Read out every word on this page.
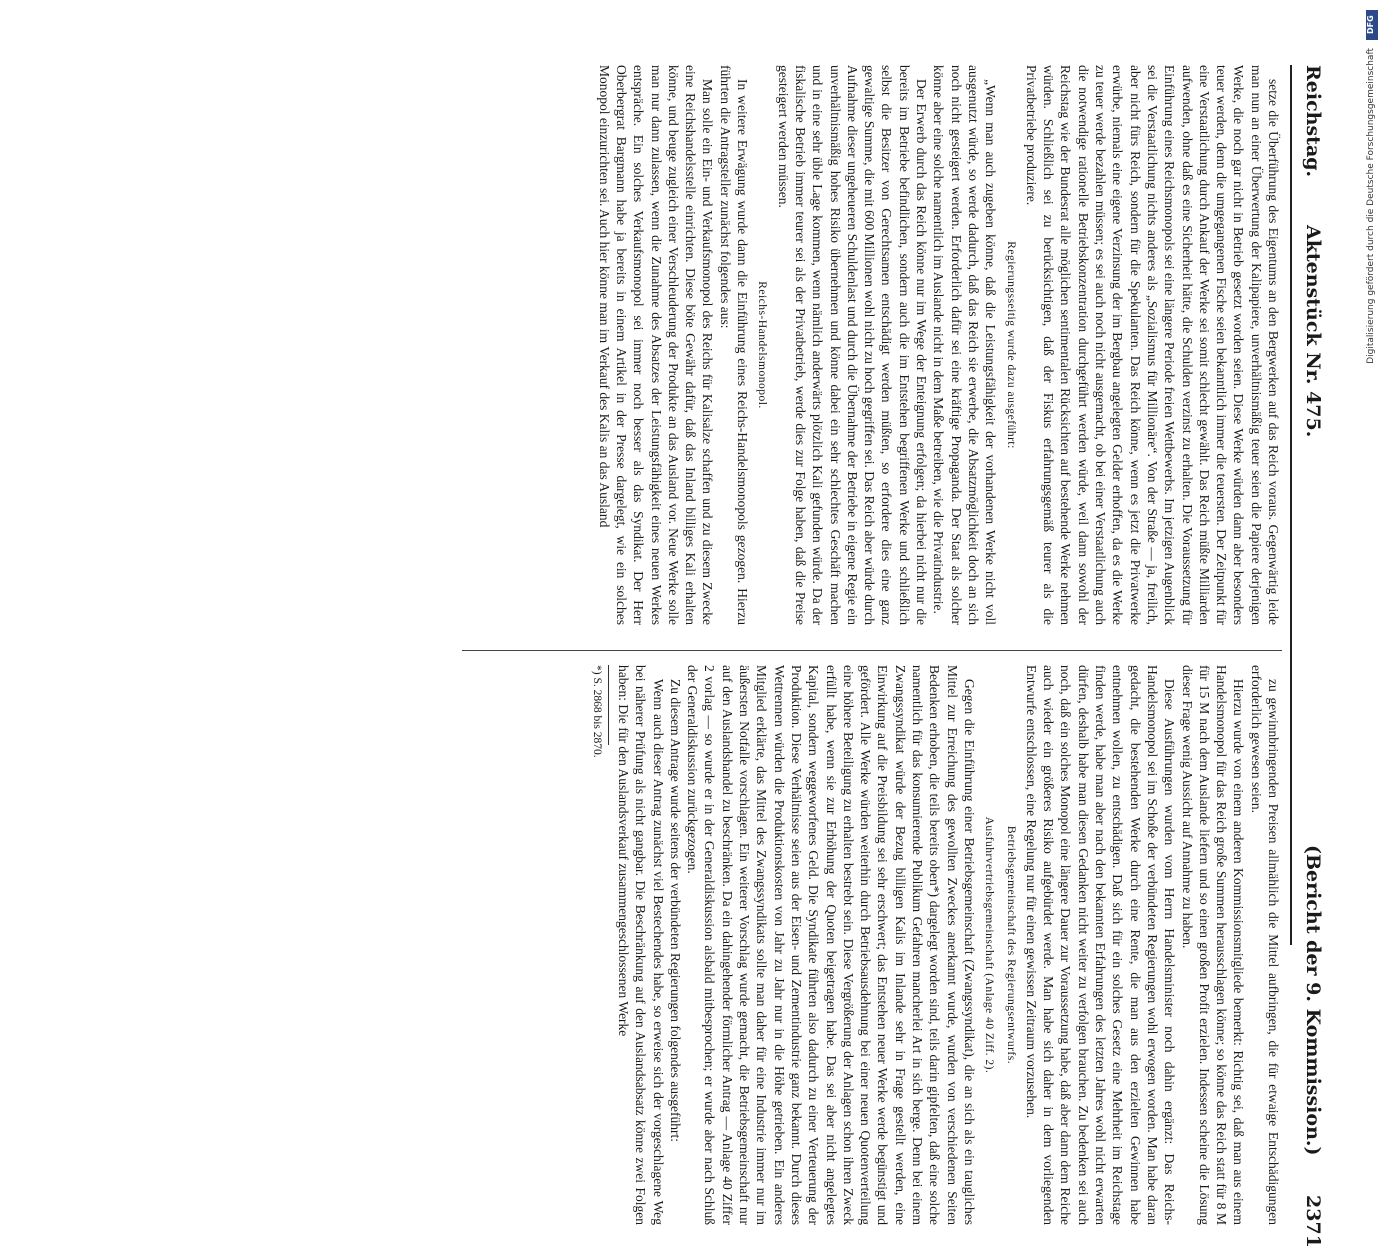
Reichstag.
Aktenstück Nr. 475.
(Bericht der 9. Kommission.)
2371

setze die Überführung des Eigentums an den Bergwerken auf das Reich voraus. Gegenwärtig leide man nun an einer Überwertung der Kalipapiere, unverhältnismäßig teuer seien die Papiere derjenigen Werke, die noch gar nicht in Betrieb gesetzt worden seien. Diese Werke würden dann aber besonders teuer werden, denn die umgegangenen Fische seien bekanntlich immer die teuersten. Der Zeitpunkt für eine Verstaatlichung durch Ankauf der Werke sei somit schlecht gewählt. Das Reich müßte Milliarden aufwenden, ohne daß es eine Sicherheit hätte, die Schulden verzinst zu erhalten. Die Voraussetzung für Einführung eines Reichsmonopols sei eine längere Periode freien Wettbewerbs. Im jetzigen Augenblick sei die Verstaatlichung nichts anderes als „Sozialismus für Millionäre“. Von der Straße — ja, freilich, aber nicht fürs Reich, sondern für die Spekulanten. Das Reich könne, wenn es jetzt die Privatwerke erwürbe, niemals eine eigene Verzinsung der im Bergbau angelegten Gelder erhoffen, da es die Werke zu teuer werde bezahlen müssen; es sei auch noch nicht ausgemacht, ob bei einer Verstaatlichung auch die notwendige rationelle Betriebskonzentration durchgeführt werden würde, weil dann sowohl der Reichstag wie der Bundesrat alle möglichen sentimentalen Rücksichten auf bestehende Werke nehmen würden. Schließlich sei zu berücksichtigen, daß der Fiskus erfahrungsgemäß teurer als die Privatbetriebe produziere.

Regierungsseitig wurde dazu ausgeführt:

„Wenn man auch zugeben könne, daß die Leistungsfähigkeit der vorhandenen Werke nicht voll ausgenutzt würde, so werde dadurch, daß das Reich sie erwerbe, die Absatzmöglichkeit doch an sich noch nicht gesteigert werden. Erforderlich dafür sei eine kräftige Propaganda. Der Staat als solcher könne aber eine solche namentlich im Auslande nicht in dem Maße betreiben, wie die Privatindustrie.

Der Erwerb durch das Reich könne nur im Wege der Enteignung erfolgen; da hierbei nicht nur die bereits im Betriebe befindlichen, sondern auch die im Entstehen begriffenen Werke und schließlich selbst die Besitzer von Gerechtsamen entschädigt werden müßten, so erfordere dies eine ganz gewaltige Summe, die mit 600 Millionen wohl nicht zu hoch gegriffen sei. Das Reich aber würde durch Aufnahme dieser ungeheueren Schuldenlast und durch die Übernahme der Betriebe in eigene Regie ein unverhältnismäßig hohes Risiko übernehmen und könne dabei ein sehr schlechtes Geschäft machen und in eine sehr üble Lage kommen, wenn nämlich anderwärts plötzlich Kali gefunden würde. Da der fiskalische Betrieb immer teurer sei als der Privatbetrieb, werde dies zur Folge haben, daß die Preise gesteigert werden müssen.

Reichs-Handelsmonopol.

In weitere Erwägung wurde dann die Einführung eines Reichs-Handelsmonopols gezogen. Hierzu führten die Antragsteller zunächst folgendes aus:

Man solle ein Ein- und Verkaufsmonopol des Reichs für Kalisalze schaffen und zu diesem Zwecke eine Reichshandelsstelle einrichten. Diese böte Gewähr dafür, daß das Inland billiges Kali erhalten könne, und beuge zugleich einer Verschleuderung der Produkte an das Ausland vor. Neue Werke solle man nur dann zulassen, wenn die Zunahme des Absatzes der Leistungsfähigkeit eines neuen Werkes entspräche. Ein solches Verkaufsmonopol sei immer noch besser als das Syndikat. Der Herr Oberbergrat Bargmann habe ja bereits in einem Artikel in der Presse dargelegt, wie ein solches Monopol einzurichten sei. Auch hier könne man im Verkauf des Kalis an das Ausland

zu gewinnbringenden Preisen allmählich die Mittel aufbringen, die für etwaige Entschädigungen erforderlich gewesen seien.

Hierzu wurde von einem anderen Kommissionsmitgliede bemerkt: Richtig sei, daß man aus einem Handelsmonopol für das Reich große Summen herausschlagen könne; so könne das Reich statt für 8 M für 15 M nach dem Auslande liefern und so einen großen Profit erzielen. Indessen scheine die Lösung dieser Frage wenig Aussicht auf Annahme zu haben.

Diese Ausführungen wurden vom Herrn Handelsminister noch dahin ergänzt: Das Reichs-Handelsmonopol sei im Schoße der verbündeten Regierungen wohl erwogen worden. Man habe daran gedacht, die bestehenden Werke durch eine Rente, die man aus den erzielten Gewinnen habe entnehmen wollen, zu entschädigen. Daß sich für ein solches Gesetz eine Mehrheit im Reichstage finden werde, habe man aber nach den bekannten Erfahrungen des letzten Jahres wohl nicht erwarten dürfen, deshalb habe man diesen Gedanken nicht weiter zu verfolgen brauchen. Zu bedenken sei auch noch, daß ein solches Monopol eine längere Dauer zur Voraussetzung habe, daß aber dann dem Reiche auch wieder ein größeres Risiko aufgebürdet werde. Man habe sich daher in dem vorliegenden Entwurfe entschlossen, eine Regelung nur für einen gewissen Zeitraum vorzusehen.

Betriebsgemeinschaft des Regierungsentwurfs.
Ausfuhrvertriebsgemeinschaft (Anlage 40 Ziff. 2).

Gegen die Einführung einer Betriebsgemeinschaft (Zwangssyndikat), die an sich als ein taugliches Mittel zur Erreichung des gewollten Zweckes anerkannt wurde, wurden von verschiedenen Seiten Bedenken erhoben, die teils bereits oben*) dargelegt worden sind, teils darin gipfelten, daß eine solche namentlich für das konsumierende Publikum Gefahren mancherlei Art in sich berge. Denn bei einem Zwangssyndikat würde der Bezug billigen Kalis im Inlande sehr in Frage gestellt werden, eine Einwirkung auf die Preisbildung sei sehr erschwert; das Entstehen neuer Werke werde begünstigt und gefördert. Alle Werke würden weiterhin durch Betriebsausdehnung bei einer neuen Quotenverteilung eine höhere Beteiligung zu erhalten bestrebt sein. Diese Vergrößerung der Anlagen schon ihren Zweck erfüllt habe, wenn sie zur Erhöhung der Quoten beigetragen habe. Das sei aber nicht angelegtes Kapital, sondern weggeworfenes Geld. Die Syndikate führten also dadurch zu einer Verteuerung der Produktion. Diese Verhältnisse seien aus der Eisen- und Zementindustrie ganz bekannt. Durch dieses Wettrennen würden die Produktionskosten von Jahr zu Jahr nur in die Höhe getrieben. Ein anderes Mitglied erklärte, das Mittel des Zwangssyndikats sollte man daher für eine Industrie immer nur im äußersten Notfalle vorschlagen. Ein weiterer Vorschlag wurde gemacht, die Betriebsgemeinschaft nur auf den Auslandshandel zu beschränken. Da ein dahingehender förmlicher Antrag — Anlage 40 Ziffer 2 vorlag — so wurde er in der Generaldiskussion alsbald mitbesprochen; er wurde aber nach Schluß der Generaldiskussion zurückgezogen.

Zu diesem Antrage wurde seitens der verbündeten Regierungen folgendes ausgeführt:

Wenn auch dieser Antrag zunächst viel Bestechendes habe, so erweise sich der vorgeschlagene Weg bei näherer Prüfung als nicht gangbar. Die Beschränkung auf den Auslandsabsatz könne zwei Folgen haben: Die für den Auslandsverkauf zusammengeschlossenen Werke

*) S. 2868 bis 2870.

DFG
Digitalisierung gefördert durch die Deutsche Forschungsgemeinschaft
